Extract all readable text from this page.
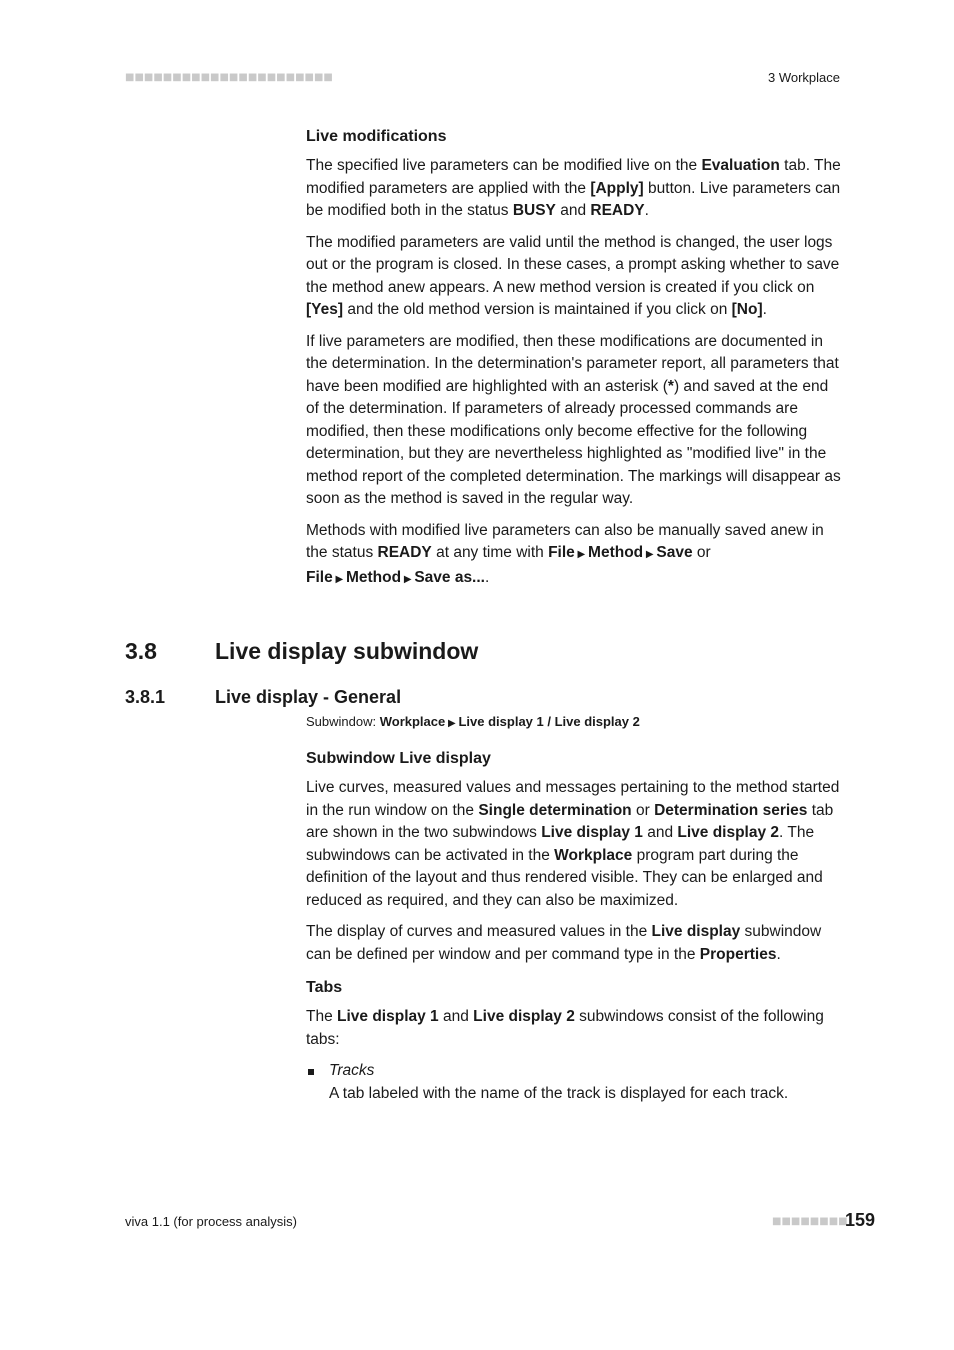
■■■■■■■■■■■■■■■■■■■■■■	3 Workplace
Live modifications

The specified live parameters can be modified live on the Evaluation tab. The modified parameters are applied with the [Apply] button. Live parameters can be modified both in the status BUSY and READY.

The modified parameters are valid until the method is changed, the user logs out or the program is closed. In these cases, a prompt asking whether to save the method anew appears. A new method version is created if you click on [Yes] and the old method version is maintained if you click on [No].

If live parameters are modified, then these modifications are documented in the determination. In the determination's parameter report, all parameters that have been modified are highlighted with an asterisk (*) and saved at the end of the determination. If parameters of already processed commands are modified, then these modifications only become effective for the following determination, but they are nevertheless highlighted as "modified live" in the method report of the completed determination. The markings will disappear as soon as the method is saved in the regular way.

Methods with modified live parameters can also be manually saved anew in the status READY at any time with File ▶ Method ▶ Save or
File ▶ Method ▶ Save as....

3.8	Live display subwindow
3.8.1	Live display - General
Subwindow: Workplace ▶ Live display 1 / Live display 2
Subwindow Live display

Live curves, measured values and messages pertaining to the method started in the run window on the Single determination or Determination series tab are shown in the two subwindows Live display 1 and Live display 2. The subwindows can be activated in the Workplace program part during the definition of the layout and thus rendered visible. They can be enlarged and reduced as required, and they can also be maximized.

The display of curves and measured values in the Live display subwindow can be defined per window and per command type in the Properties.

Tabs

The Live display 1 and Live display 2 subwindows consist of the following tabs:

Tracks
A tab labeled with the name of the track is displayed for each track.
viva 1.1 (for process analysis)	■■■■■■■■
159
